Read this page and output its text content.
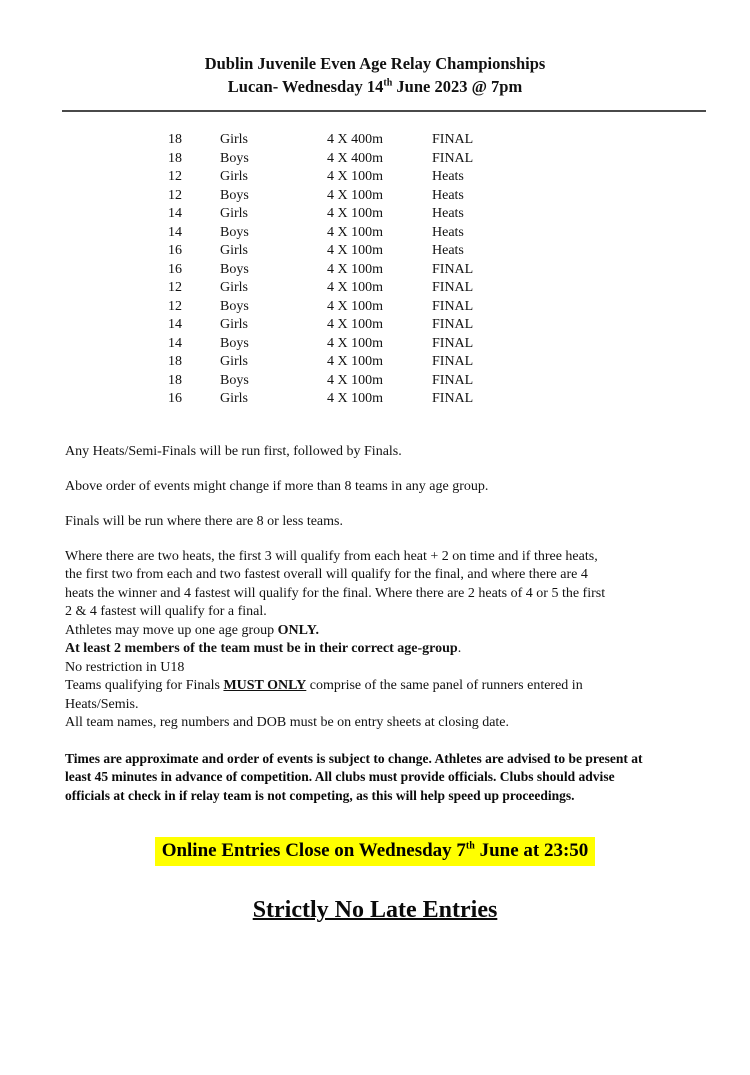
Dublin Juvenile Even Age Relay Championships
Lucan- Wednesday 14th June 2023 @ 7pm
18	Girls	4 X 400m	FINAL
18	Boys	4 X 400m	FINAL
12	Girls	4 X 100m	Heats
12	Boys	4 X 100m	Heats
14	Girls	4 X 100m	Heats
14	Boys	4 X 100m	Heats
16	Girls	4 X 100m	Heats
16	Boys	4 X 100m	FINAL
12	Girls	4 X 100m	FINAL
12	Boys	4 X 100m	FINAL
14	Girls	4 X 100m	FINAL
14	Boys	4 X 100m	FINAL
18	Girls	4 X 100m	FINAL
18	Boys	4 X 100m	FINAL
16	Girls	4 X 100m	FINAL
Any Heats/Semi-Finals will be run first, followed by Finals.
Above order of events might change if more than 8 teams in any age group.
Finals will be run where there are 8 or less teams.
Where there are two heats, the first 3 will qualify from each heat + 2 on time and if three heats,
the first two from each and two fastest overall will qualify for the final, and where there are 4
heats the winner and 4 fastest will qualify for the final. Where there are 2 heats of 4 or 5 the first
2 & 4 fastest will qualify for a final.
Athletes may move up one age group ONLY.
At least 2 members of the team must be in their correct age-group.
No restriction in U18
Teams qualifying for Finals MUST ONLY comprise of the same panel of runners entered in
Heats/Semis.
All team names, reg numbers and DOB must be on entry sheets at closing date.
Times are approximate and order of events is subject to change. Athletes are advised to be present at
least 45 minutes in advance of competition. All clubs must provide officials. Clubs should advise
officials at check in if relay team is not competing, as this will help speed up proceedings.
Online Entries Close on Wednesday 7th June at 23:50
Strictly No Late Entries
